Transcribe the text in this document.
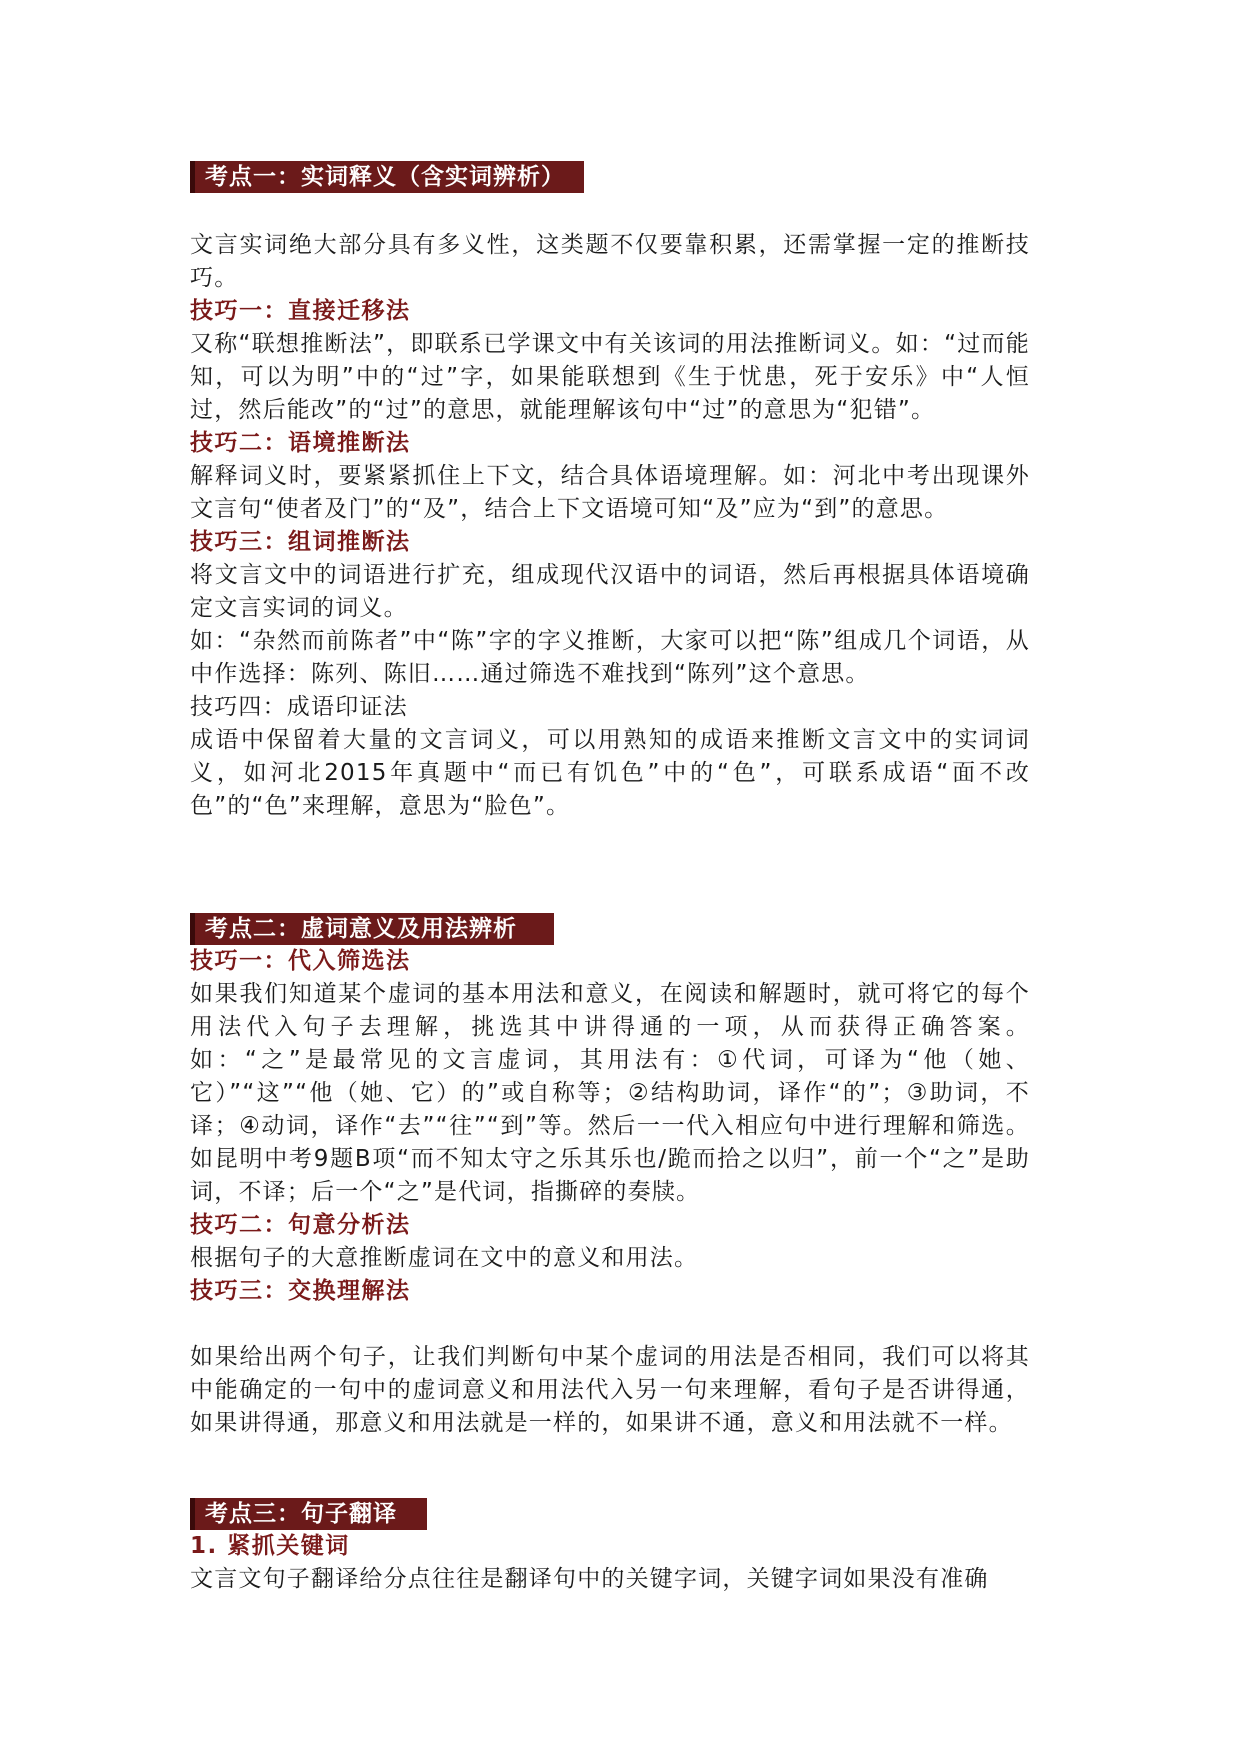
考点一：实词释义（含实词辨析）

文言实词绝大部分具有多义性，这类题不仅要靠积累，还需掌握一定的推断技巧。

技巧一：直接迁移法

又称“联想推断法”，即联系已学课文中有关该词的用法推断词义。如：“过而能知，可以为明”中的“过”字，如果能联想到《生于忧患，死于安乐》中“人恒过，然后能改”的“过”的意思，就能理解该句中“过”的意思为“犯错”。

技巧二：语境推断法

解释词义时，要紧紧抓住上下文，结合具体语境理解。如：河北中考出现课外文言句“使者及门”的“及”，结合上下文语境可知“及”应为“到”的意思。

技巧三：组词推断法

将文言文中的词语进行扩充，组成现代汉语中的词语，然后再根据具体语境确定文言实词的词义。

如：“杂然而前陈者”中“陈”字的字义推断，大家可以把“陈”组成几个词语，从中作选择：陈列、陈旧……通过筛选不难找到“陈列”这个意思。

技巧四：成语印证法

成语中保留着大量的文言词义，可以用熟知的成语来推断文言文中的实词词义，如河北2015年真题中“而已有饥色”中的“色”，可联系成语“面不改色”的“色”来理解，意思为“脸色”。

考点二：虚词意义及用法辨析

技巧一：代入筛选法

如果我们知道某个虚词的基本用法和意义，在阅读和解题时，就可将它的每个用法代入句子去理解，挑选其中讲得通的一项，从而获得正确答案。如：“之”是最常见的文言虚词，其用法有：①代词，可译为“他（她、它）”“这”“他（她、它）的”或自称等；②结构助词，译作“的”；③助词，不译；④动词，译作“去”“往”“到”等。然后一一代入相应句中进行理解和筛选。如昆明中考9题B项“而不知太守之乐其乐也/跪而拾之以归”，前一个“之”是助词，不译；后一个“之”是代词，指撕碎的奏牍。

技巧二：句意分析法

根据句子的大意推断虚词在文中的意义和用法。

技巧三：交换理解法

如果给出两个句子，让我们判断句中某个虚词的用法是否相同，我们可以将其中能确定的一句中的虚词意义和用法代入另一句来理解，看句子是否讲得通，如果讲得通，那意义和用法就是一样的，如果讲不通，意义和用法就不一样。

考点三：句子翻译

1. 紧抓关键词

文言文句子翻译给分点往往是翻译句中的关键字词，关键字词如果没有准确
